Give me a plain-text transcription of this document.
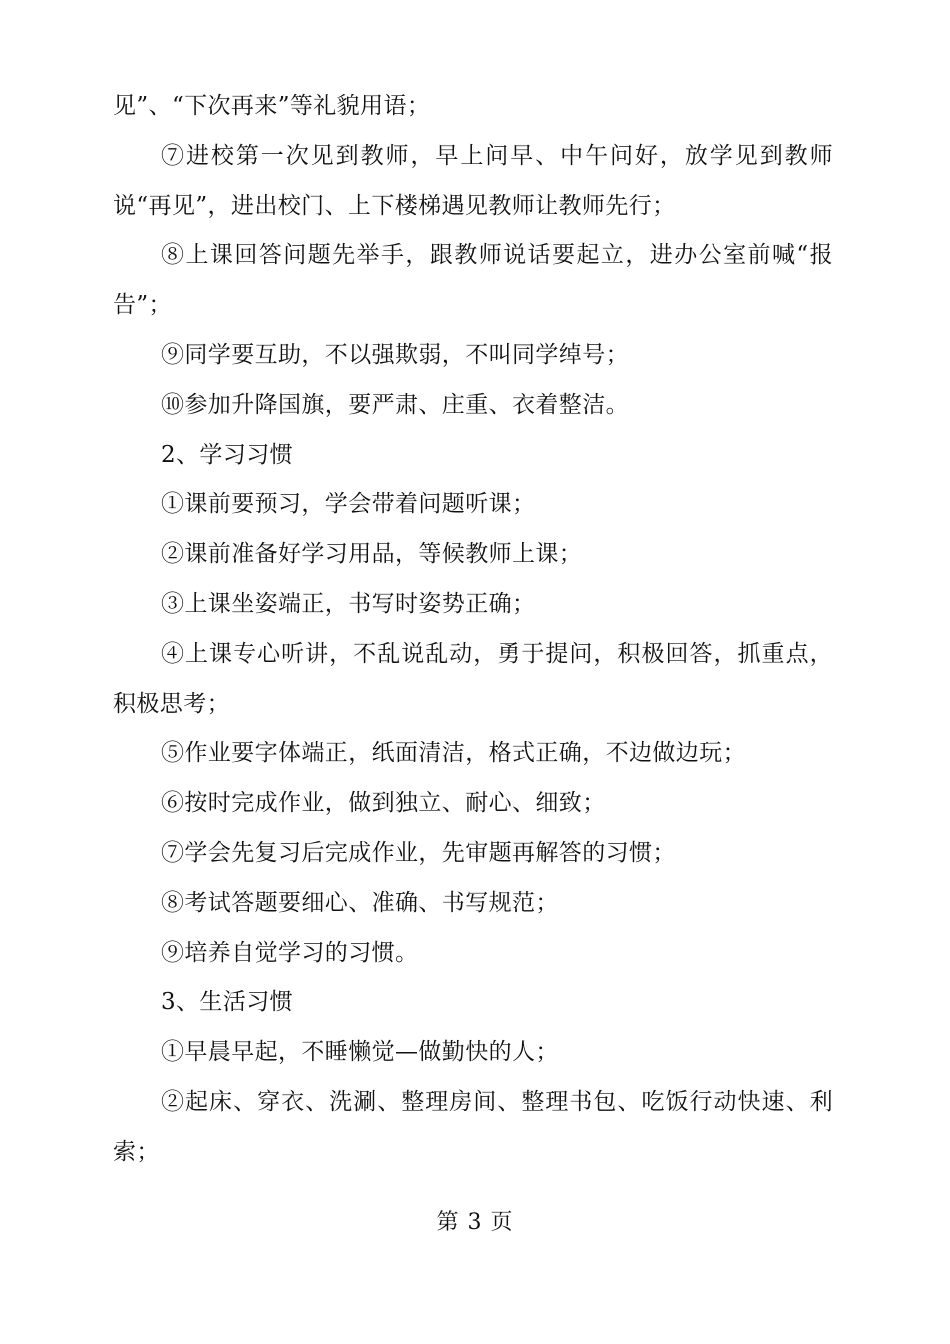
见”、“下次再来”等礼貌用语；

⑦进校第一次见到教师，早上问早、中午问好，放学见到教师说“再见”，进出校门、上下楼梯遇见教师让教师先行；

⑧上课回答问题先举手，跟教师说话要起立，进办公室前喊“报告”；

⑨同学要互助，不以强欺弱，不叫同学绰号；

⑩参加升降国旗，要严肃、庄重、衣着整洁。

2、学习习惯

①课前要预习，学会带着问题听课；

②课前准备好学习用品，等候教师上课；

③上课坐姿端正，书写时姿势正确；

④上课专心听讲，不乱说乱动，勇于提问，积极回答，抓重点，积极思考；

⑤作业要字体端正，纸面清洁，格式正确，不边做边玩；

⑥按时完成作业，做到独立、耐心、细致；

⑦学会先复习后完成作业，先审题再解答的习惯；

⑧考试答题要细心、准确、书写规范；

⑨培养自觉学习的习惯。

3、生活习惯

①早晨早起，不睡懒觉—做勤快的人；

②起床、穿衣、洗涮、整理房间、整理书包、吃饭行动快速、利索；

第 3 页
